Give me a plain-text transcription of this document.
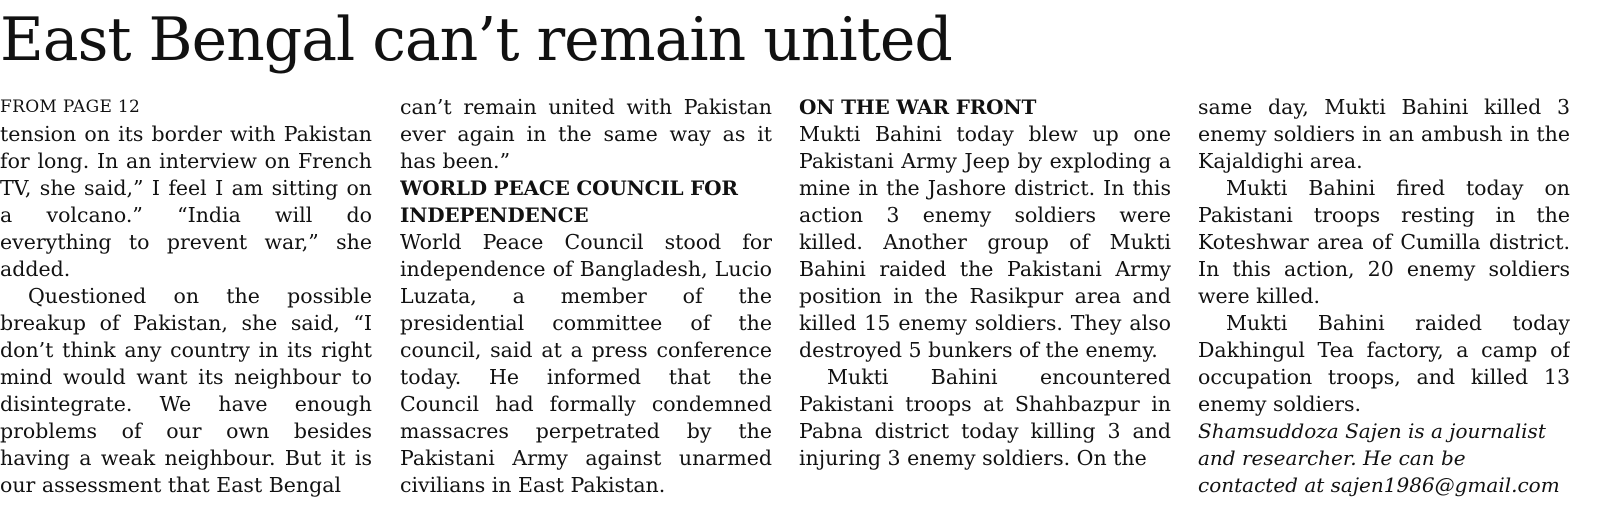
East Bengal can’t remain united
FROM PAGE 12

tension on its border with Pakistan for long. In an interview on French TV, she said,” I feel I am sitting on a volcano.” “India will do everything to prevent war,” she added.

Questioned on the possible breakup of Pakistan, she said, “I don’t think any country in its right mind would want its neighbour to disintegrate. We have enough problems of our own besides having a weak neighbour. But it is our assessment that East Bengal

can’t remain united with Pakistan ever again in the same way as it has been.”

WORLD PEACE COUNCIL FOR INDEPENDENCE

World Peace Council stood for independence of Bangladesh, Lucio Luzata, a member of the presidential committee of the council, said at a press conference today. He informed that the Council had formally condemned massacres perpetrated by the Pakistani Army against unarmed civilians in East Pakistan.

ON THE WAR FRONT

Mukti Bahini today blew up one Pakistani Army Jeep by exploding a mine in the Jashore district. In this action 3 enemy soldiers were killed. Another group of Mukti Bahini raided the Pakistani Army position in the Rasikpur area and killed 15 enemy soldiers. They also destroyed 5 bunkers of the enemy.

Mukti Bahini encountered Pakistani troops at Shahbazpur in Pabna district today killing 3 and injuring 3 enemy soldiers. On the

same day, Mukti Bahini killed 3 enemy soldiers in an ambush in the Kajaldighi area.

Mukti Bahini fired today on Pakistani troops resting in the Koteshwar area of Cumilla district. In this action, 20 enemy soldiers were killed.

Mukti Bahini raided today Dakhingul Tea factory, a camp of occupation troops, and killed 13 enemy soldiers.

Shamsuddoza Sajen is a journalist and researcher. He can be contacted at sajen1986@gmail.com
